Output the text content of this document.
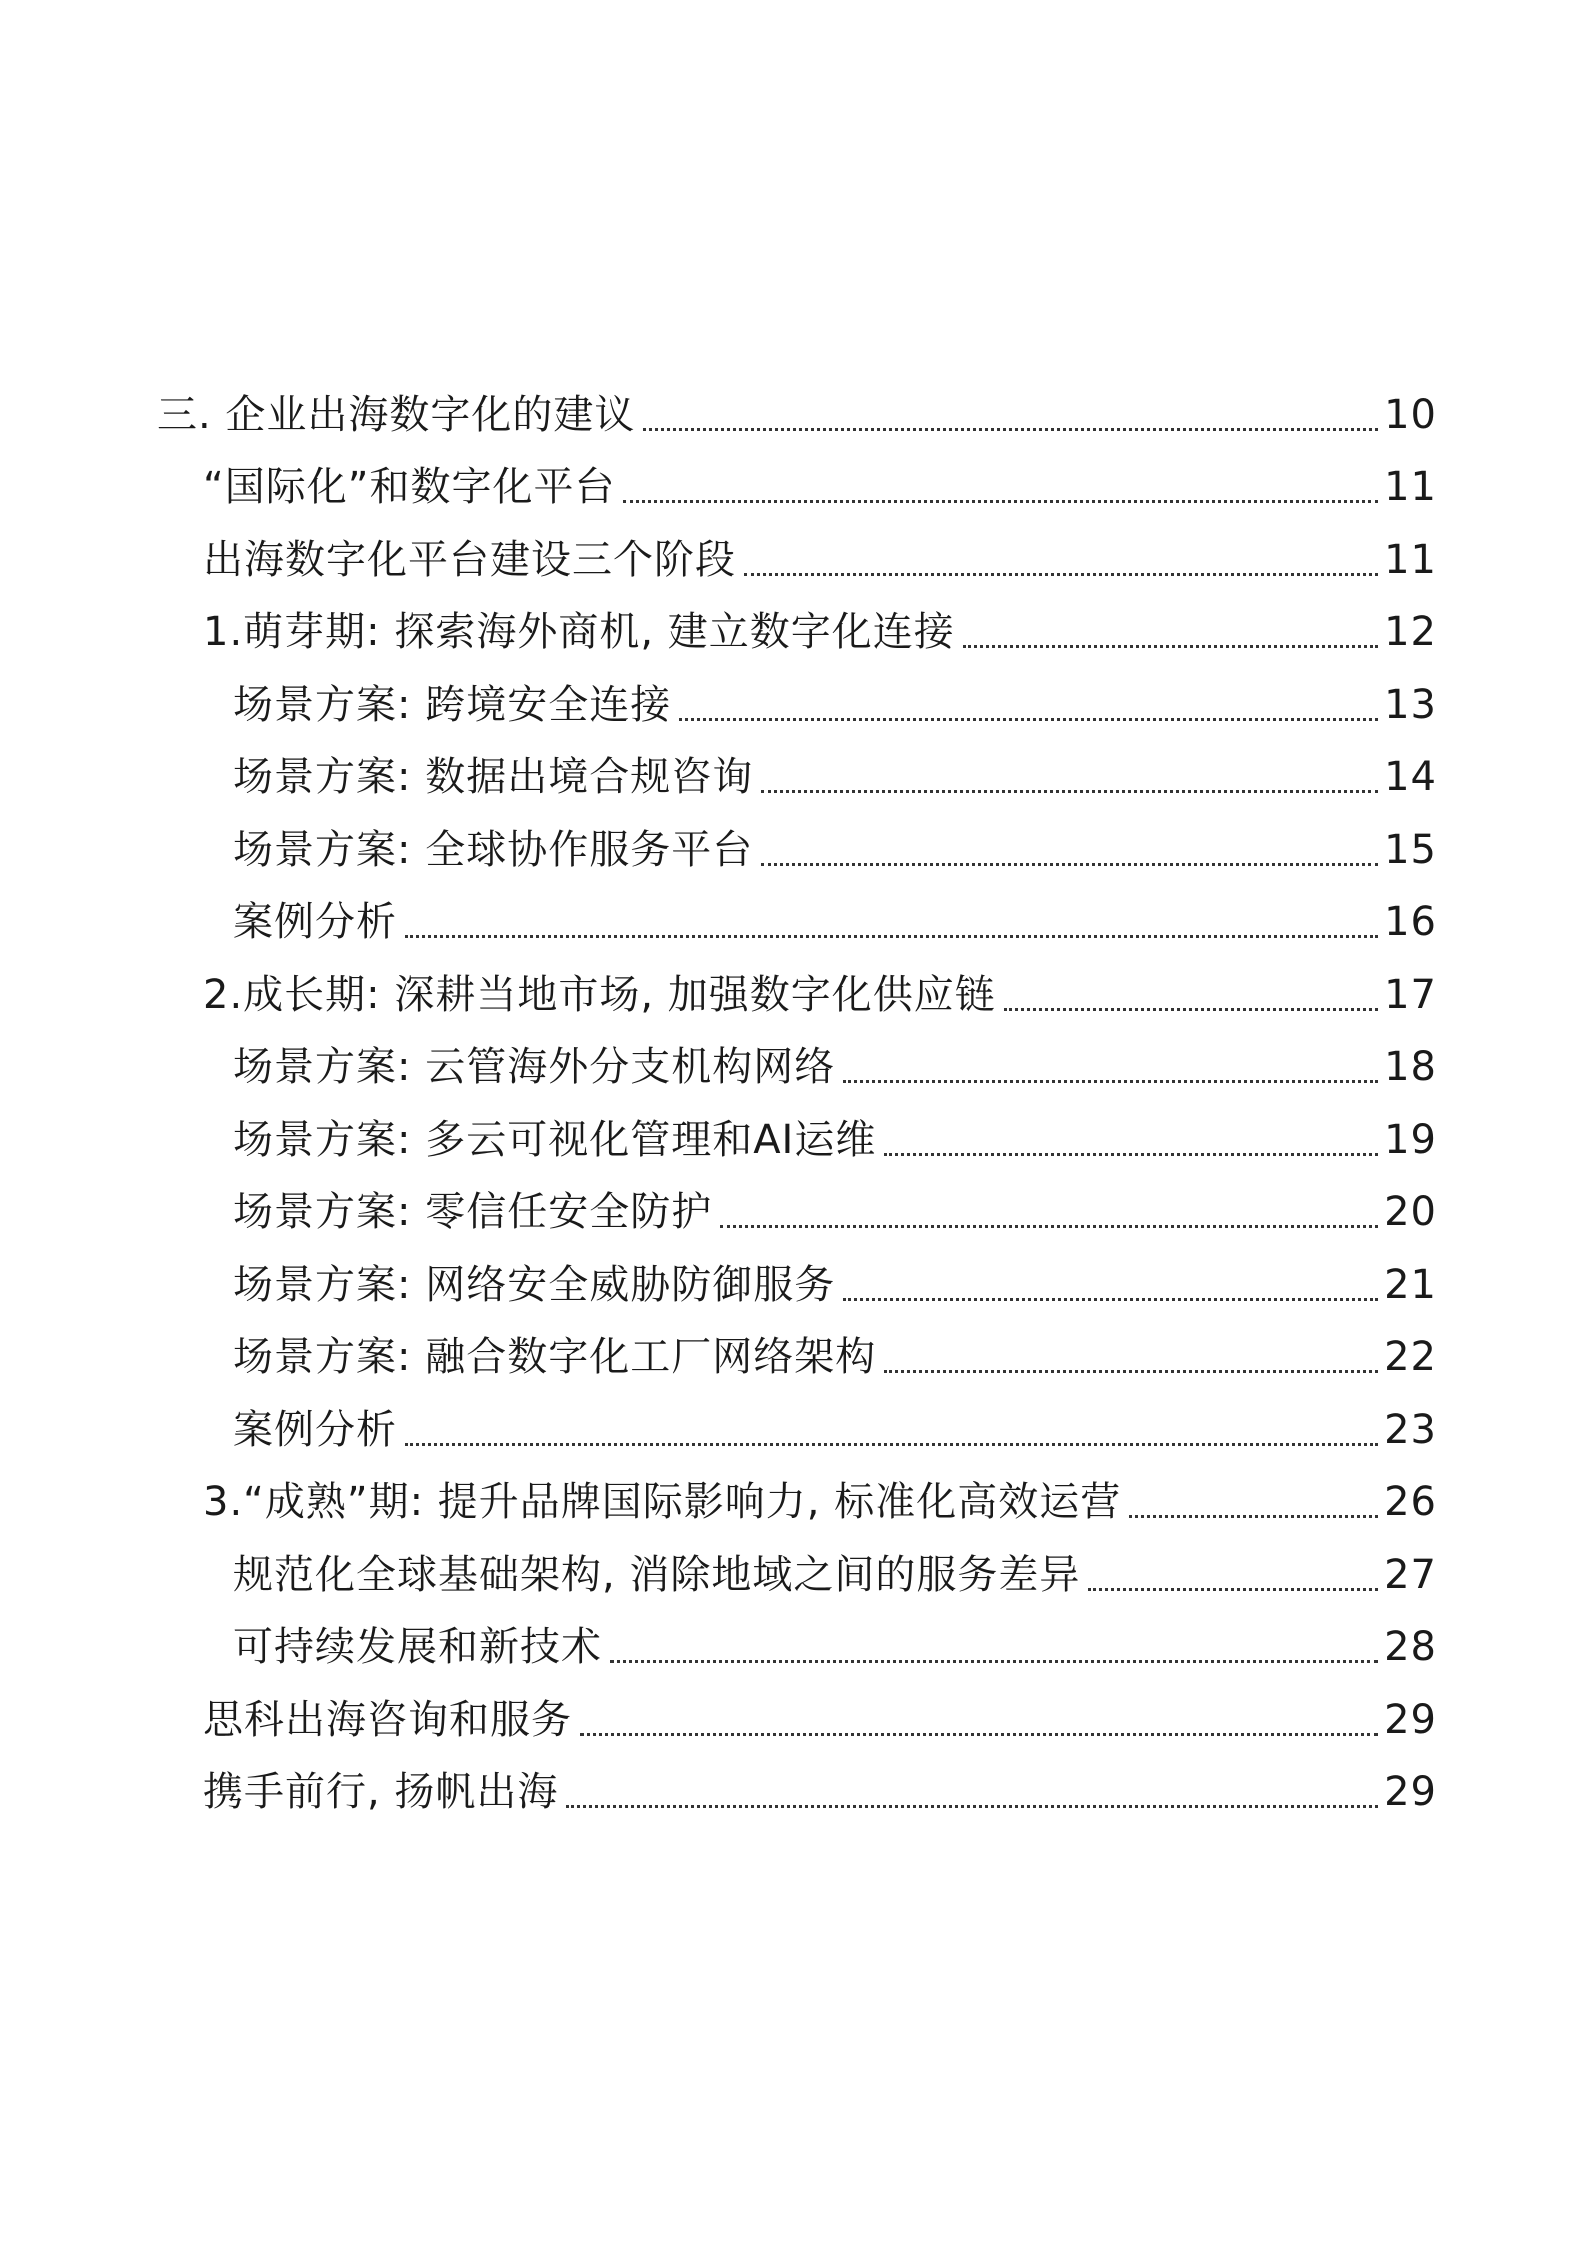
三. 企业出海数字化的建议	10
“国际化”和数字化平台	11
出海数字化平台建设三个阶段	11
1.萌芽期: 探索海外商机, 建立数字化连接	12
场景方案: 跨境安全连接	13
场景方案: 数据出境合规咨询	14
场景方案: 全球协作服务平台	15
案例分析	16
2.成长期: 深耕当地市场, 加强数字化供应链	17
场景方案: 云管海外分支机构网络	18
场景方案: 多云可视化管理和AI运维	19
场景方案: 零信任安全防护	20
场景方案: 网络安全威胁防御服务	21
场景方案: 融合数字化工厂网络架构	22
案例分析	23
3.“成熟”期: 提升品牌国际影响力, 标准化高效运营	26
规范化全球基础架构, 消除地域之间的服务差异	27
可持续发展和新技术	28
思科出海咨询和服务	29
携手前行, 扬帆出海	29
